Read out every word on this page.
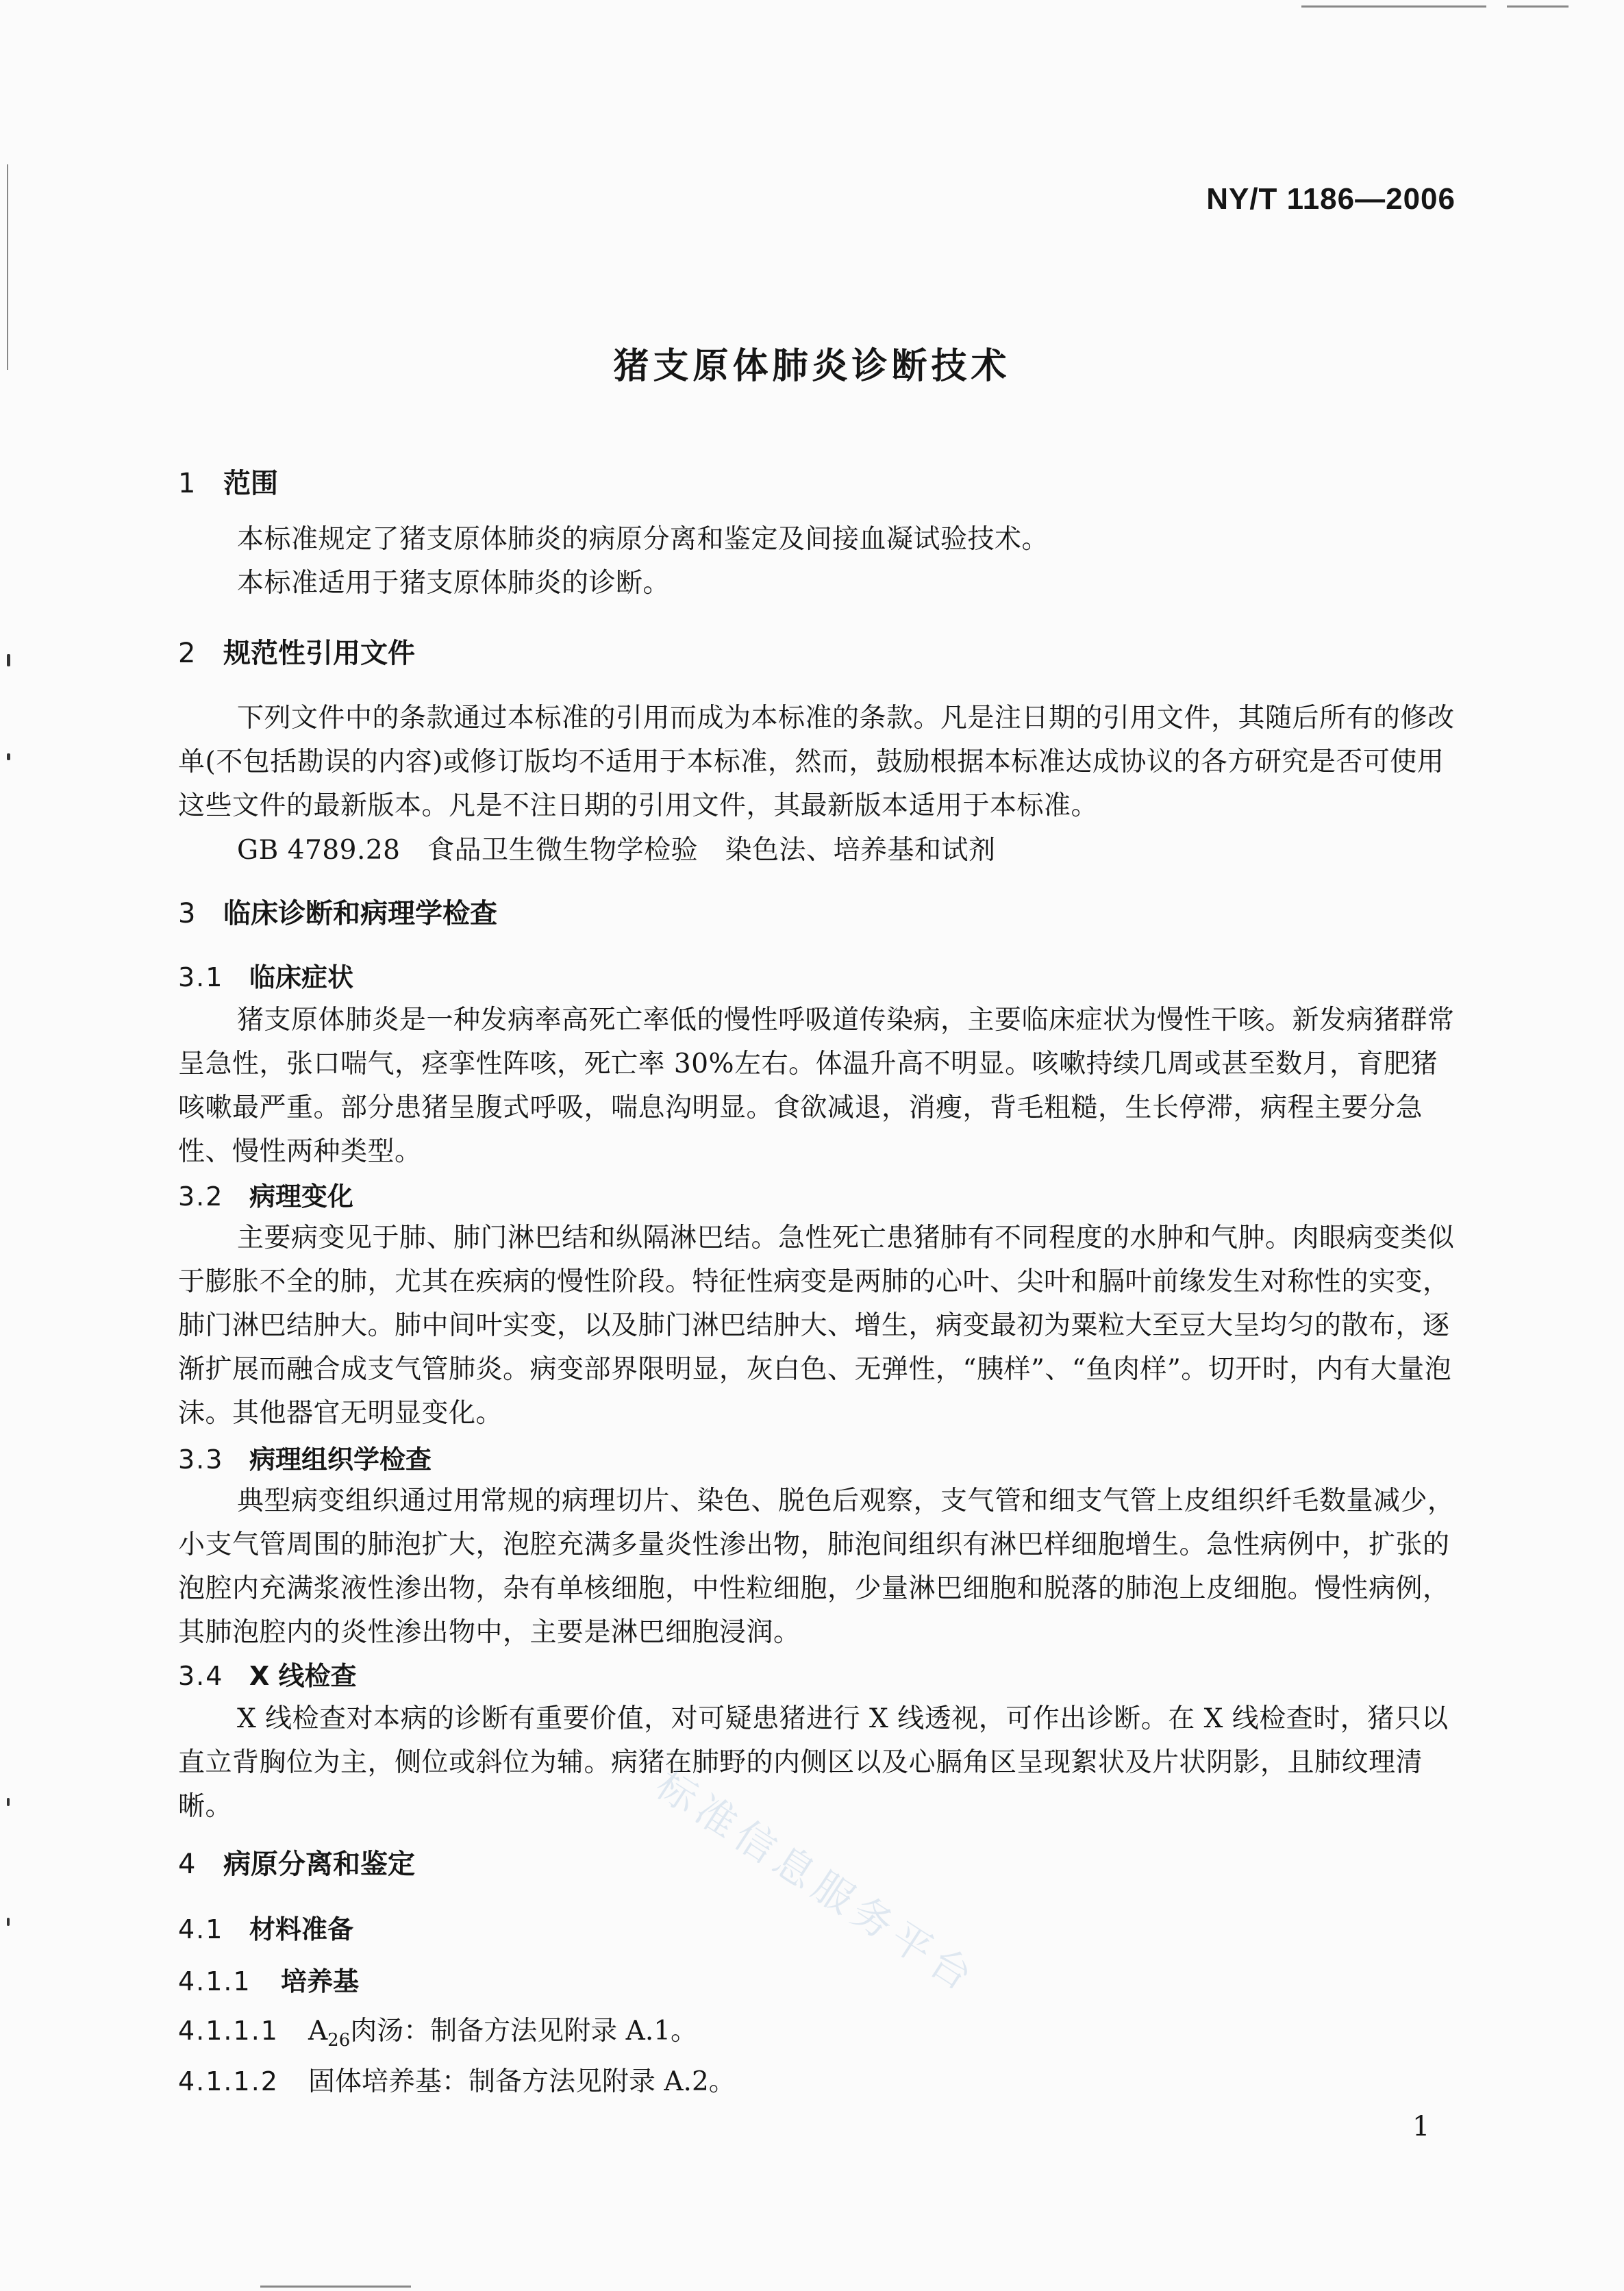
NY/T 1186—2006
猪支原体肺炎诊断技术
1 范围
本标准规定了猪支原体肺炎的病原分离和鉴定及间接血凝试验技术。
本标准适用于猪支原体肺炎的诊断。
2 规范性引用文件
下列文件中的条款通过本标准的引用而成为本标准的条款。凡是注日期的引用文件，其随后所有的修改单(不包括勘误的内容)或修订版均不适用于本标准，然而，鼓励根据本标准达成协议的各方研究是否可使用这些文件的最新版本。凡是不注日期的引用文件，其最新版本适用于本标准。
GB 4789.28　食品卫生微生物学检验　染色法、培养基和试剂
3 临床诊断和病理学检查
3.1 临床症状
猪支原体肺炎是一种发病率高死亡率低的慢性呼吸道传染病，主要临床症状为慢性干咳。新发病猪群常呈急性，张口喘气，痉挛性阵咳，死亡率 30%左右。体温升高不明显。咳嗽持续几周或甚至数月，育肥猪咳嗽最严重。部分患猪呈腹式呼吸，喘息沟明显。食欲减退，消瘦，背毛粗糙，生长停滞，病程主要分急性、慢性两种类型。
3.2 病理变化
主要病变见于肺、肺门淋巴结和纵隔淋巴结。急性死亡患猪肺有不同程度的水肿和气肿。肉眼病变类似于膨胀不全的肺，尤其在疾病的慢性阶段。特征性病变是两肺的心叶、尖叶和膈叶前缘发生对称性的实变，肺门淋巴结肿大。肺中间叶实变，以及肺门淋巴结肿大、增生，病变最初为粟粒大至豆大呈均匀的散布，逐渐扩展而融合成支气管肺炎。病变部界限明显，灰白色、无弹性，“胰样”、“鱼肉样”。切开时，内有大量泡沫。其他器官无明显变化。
3.3 病理组织学检查
典型病变组织通过用常规的病理切片、染色、脱色后观察，支气管和细支气管上皮组织纤毛数量减少，小支气管周围的肺泡扩大，泡腔充满多量炎性渗出物，肺泡间组织有淋巴样细胞增生。急性病例中，扩张的泡腔内充满浆液性渗出物，杂有单核细胞，中性粒细胞，少量淋巴细胞和脱落的肺泡上皮细胞。慢性病例，其肺泡腔内的炎性渗出物中，主要是淋巴细胞浸润。
3.4 X 线检查
X 线检查对本病的诊断有重要价值，对可疑患猪进行 X 线透视，可作出诊断。在 X 线检查时，猪只以直立背胸位为主，侧位或斜位为辅。病猪在肺野的内侧区以及心膈角区呈现絮状及片状阴影，且肺纹理清晰。
4 病原分离和鉴定
4.1 材料准备
4.1.1 培养基
4.1.1.1 $A_{26}$肉汤：制备方法见附录 A.1。
4.1.1.2 固体培养基：制备方法见附录 A.2。
标准信息服务平台
1
